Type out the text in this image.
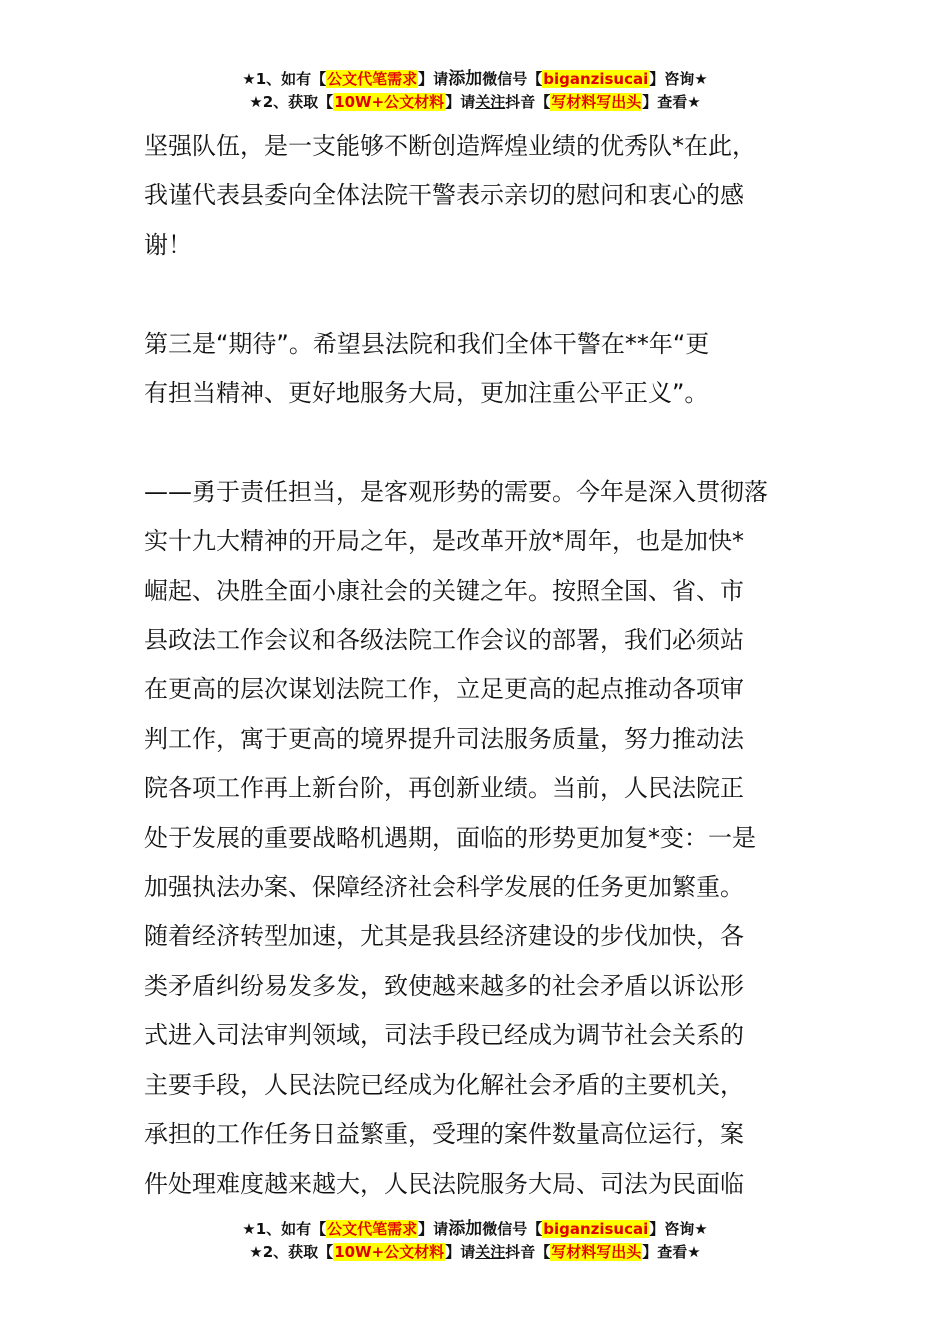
★1、如有【公文代笔需求】请添加微信号【biganzisucai】咨询★
★2、获取【10W+公文材料】请关注抖音【写材料写出头】查看★

坚强队伍，是一支能够不断创造辉煌业绩的优秀队*在此，

我谨代表县委向全体法院干警表示亲切的慰问和衷心的感

谢！

第三是“期待”。希望县法院和我们全体干警在**年“更

有担当精神、更好地服务大局，更加注重公平正义”。

——勇于责任担当，是客观形势的需要。今年是深入贯彻落

实十九大精神的开局之年，是改革开放*周年，也是加快*

崛起、决胜全面小康社会的关键之年。按照全国、省、市

县政法工作会议和各级法院工作会议的部署，我们必须站

在更高的层次谋划法院工作，立足更高的起点推动各项审

判工作，寓于更高的境界提升司法服务质量，努力推动法

院各项工作再上新台阶，再创新业绩。当前，人民法院正

处于发展的重要战略机遇期，面临的形势更加复*变：一是

加强执法办案、保障经济社会科学发展的任务更加繁重。

随着经济转型加速，尤其是我县经济建设的步伐加快，各

类矛盾纠纷易发多发，致使越来越多的社会矛盾以诉讼形

式进入司法审判领域，司法手段已经成为调节社会关系的

主要手段，人民法院已经成为化解社会矛盾的主要机关，

承担的工作任务日益繁重，受理的案件数量高位运行，案

件处理难度越来越大，人民法院服务大局、司法为民面临

★1、如有【公文代笔需求】请添加微信号【biganzisucai】咨询★
★2、获取【10W+公文材料】请关注抖音【写材料写出头】查看★
